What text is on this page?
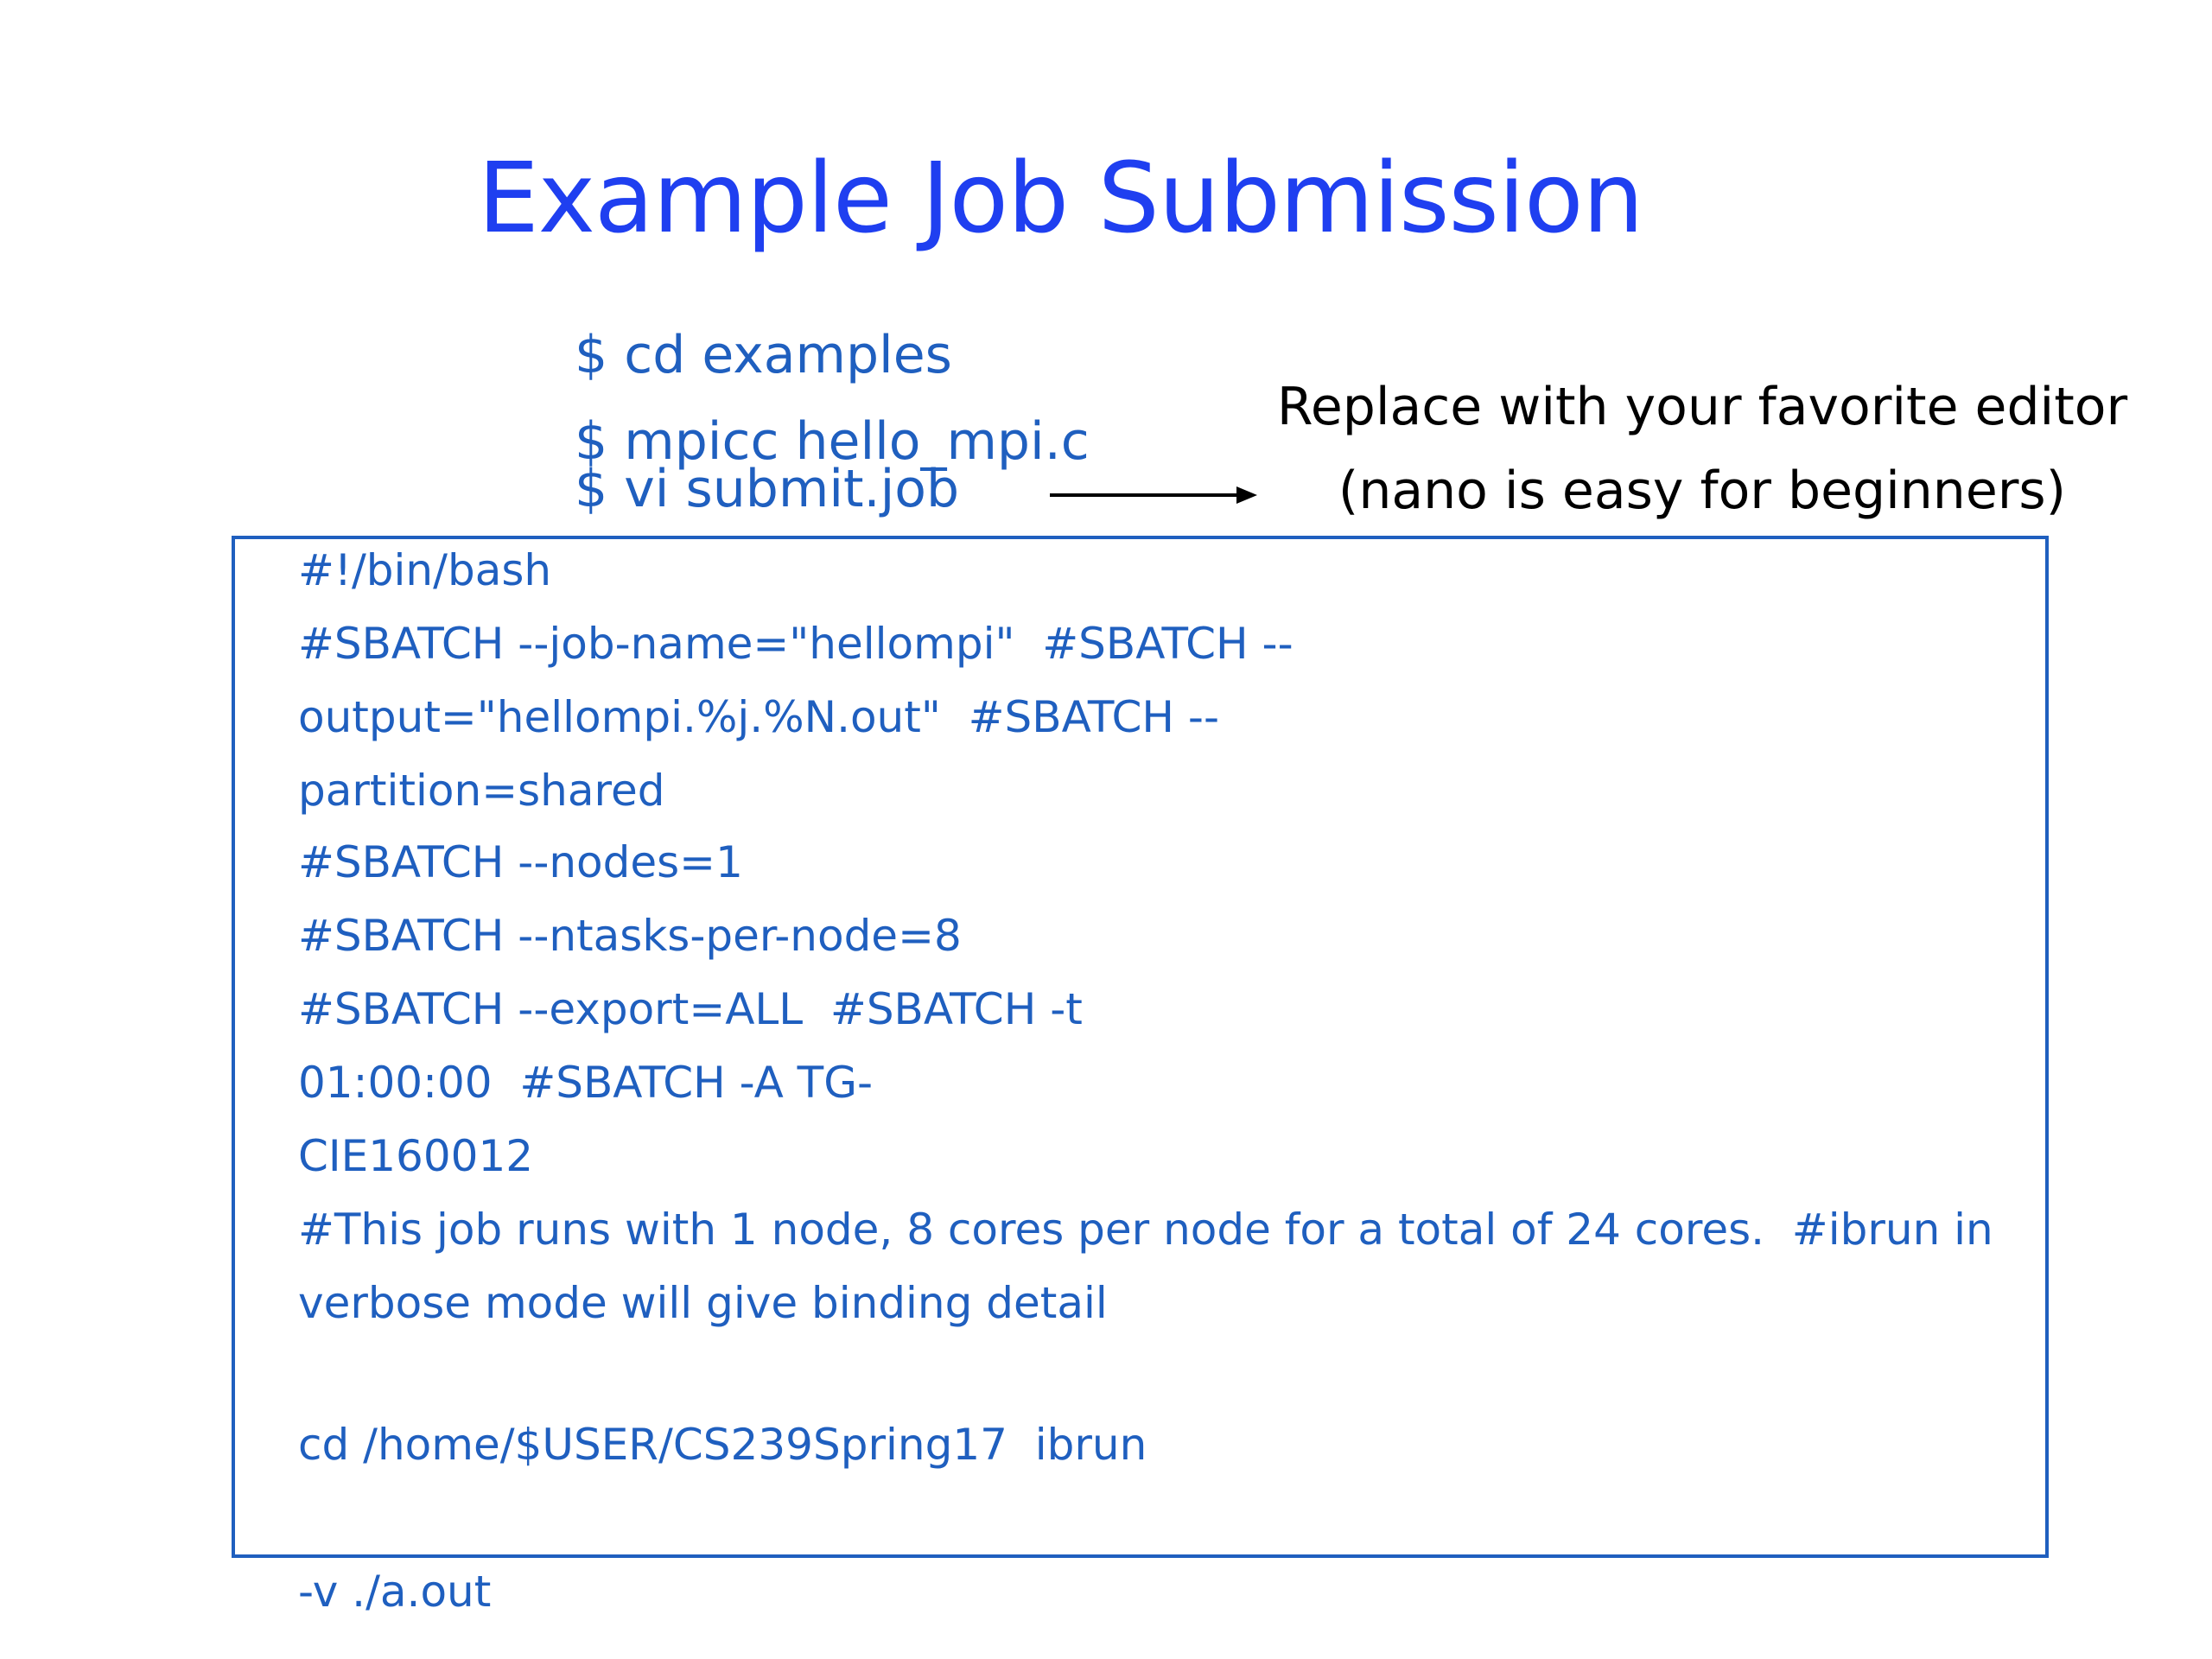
Example Job Submission
$ cd examples
$ mpicc hello_mpi.c
$ vi submit.job
Replace with your favorite editor
(nano is easy for beginners)
#!/bin/bash
#SBATCH --job-name="hellompi"  #SBATCH --
output="hellompi.%j.%N.out"  #SBATCH --
partition=shared
#SBATCH --nodes=1
#SBATCH --ntasks-per-node=8
#SBATCH --export=ALL  #SBATCH -t
01:00:00  #SBATCH -A TG-
CIE160012
#This job runs with 1 node, 8 cores per node for a total of 24 cores.  #ibrun in
verbose mode will give binding detail
cd /home/$USER/CS239Spring17  ibrun
-v ./a.out
